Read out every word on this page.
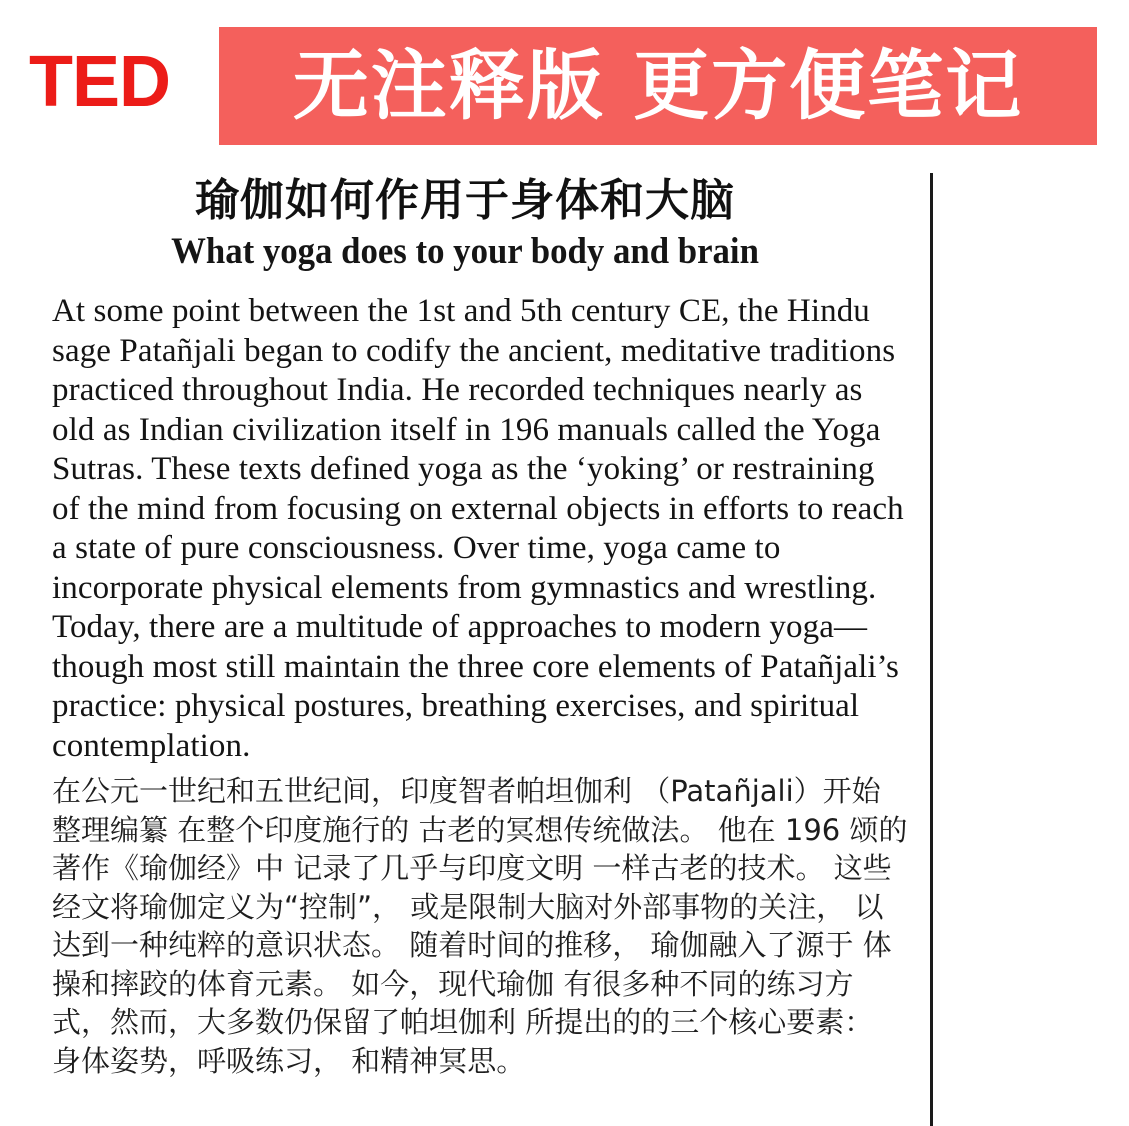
TED 无注释版 更方便笔记
瑜伽如何作用于身体和大脑
What yoga does to your body and brain

At some point between the 1st and 5th century CE, the Hindu sage Patañjali began to codify the ancient, meditative traditions practiced throughout India. He recorded techniques nearly as old as Indian civilization itself in 196 manuals called the Yoga Sutras. These texts defined yoga as the ‘yoking’ or restraining of the mind from focusing on external objects in efforts to reach a state of pure consciousness. Over time, yoga came to incorporate physical elements from gymnastics and wrestling. Today, there are a multitude of approaches to modern yoga—though most still maintain the three core elements of Patañjali’s practice: physical postures, breathing exercises, and spiritual contemplation.

在公元一世纪和五世纪间，印度智者帕坦伽利 （Patañjali）开始整理编纂 在整个印度施行的 古老的冥想传统做法。 他在 196 颂的著作《瑜伽经》中 记录了几乎与印度文明 一样古老的技术。 这些经文将瑜伽定义为“控制”， 或是限制大脑对外部事物的关注， 以达到一种纯粹的意识状态。 随着时间的推移， 瑜伽融入了源于 体操和摔跤的体育元素。 如今，现代瑜伽 有很多种不同的练习方式，然而，大多数仍保留了帕坦伽利 所提出的的三个核心要素： 身体姿势，呼吸练习， 和精神冥思。
